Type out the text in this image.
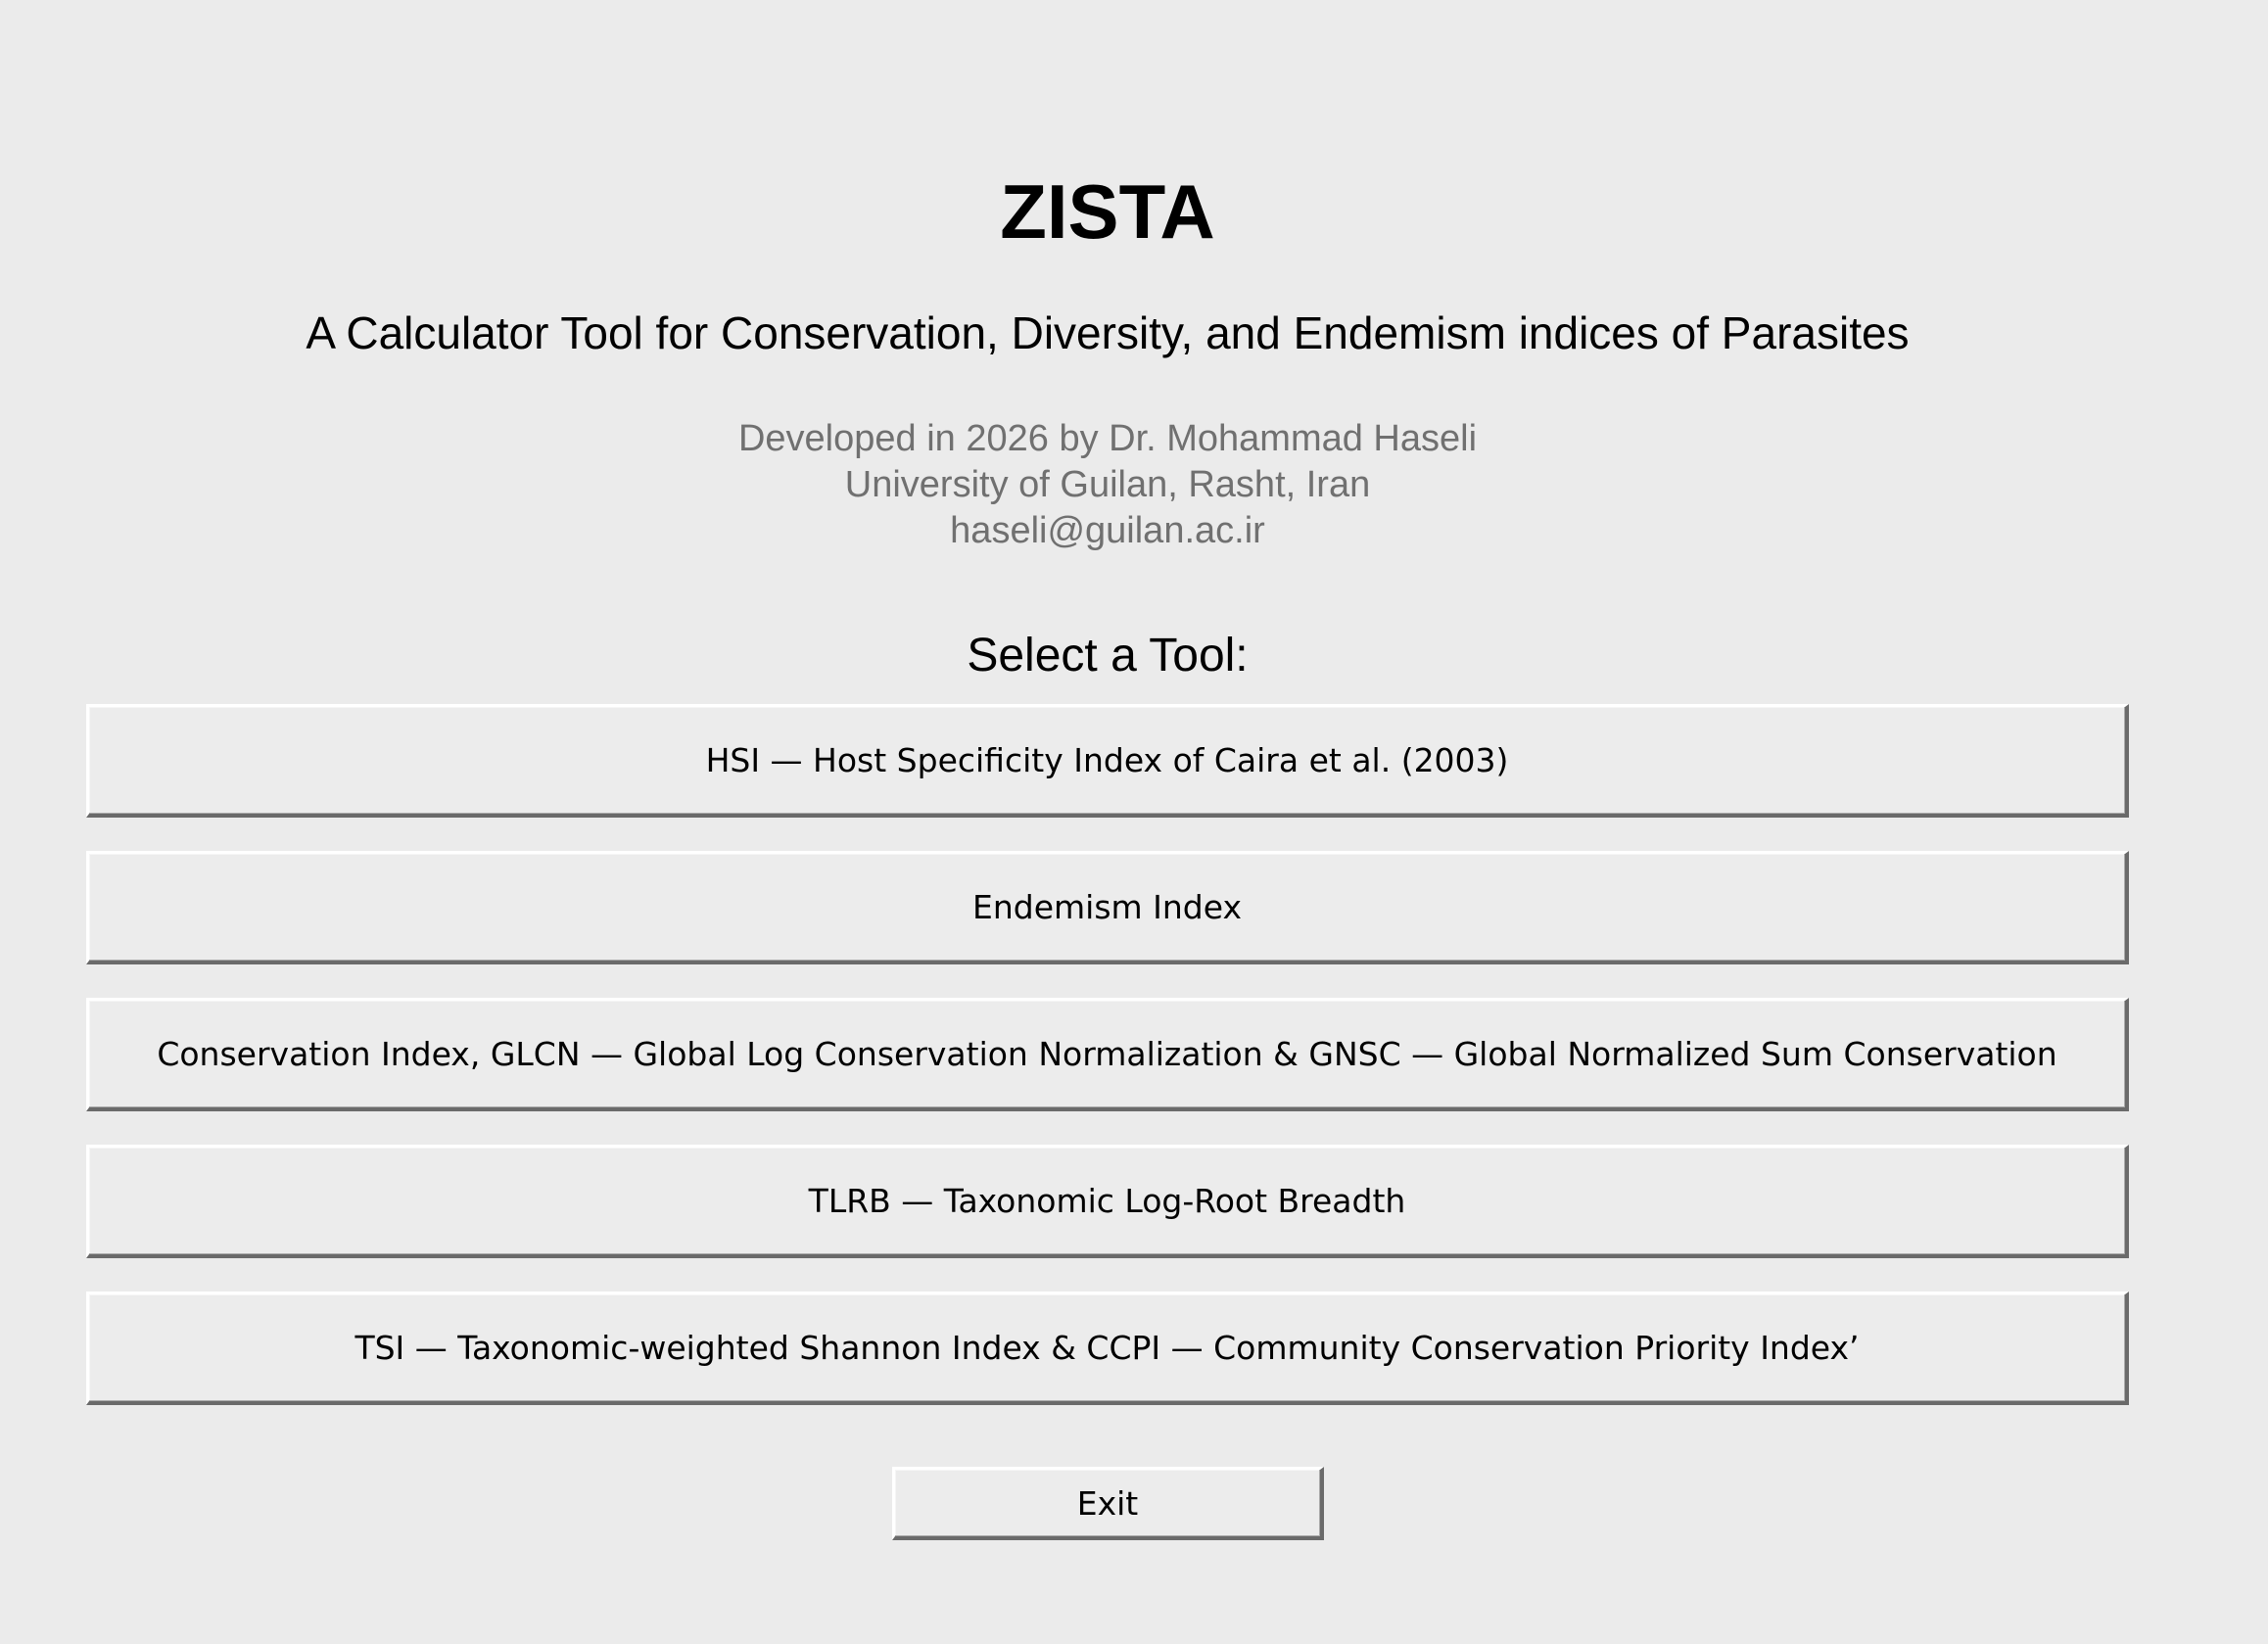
ZISTA
A Calculator Tool for Conservation, Diversity, and Endemism indices of Parasites
Developed in 2026 by Dr. Mohammad Haseli
University of Guilan, Rasht, Iran
haseli@guilan.ac.ir
Select a Tool:
HSI — Host Specificity Index of Caira et al. (2003)
Endemism Index
Conservation Index, GLCN — Global Log Conservation Normalization & GNSC — Global Normalized Sum Conservation
TLRB — Taxonomic Log-Root Breadth
TSI — Taxonomic-weighted Shannon Index & CCPI — Community Conservation Priority Index’
Exit
